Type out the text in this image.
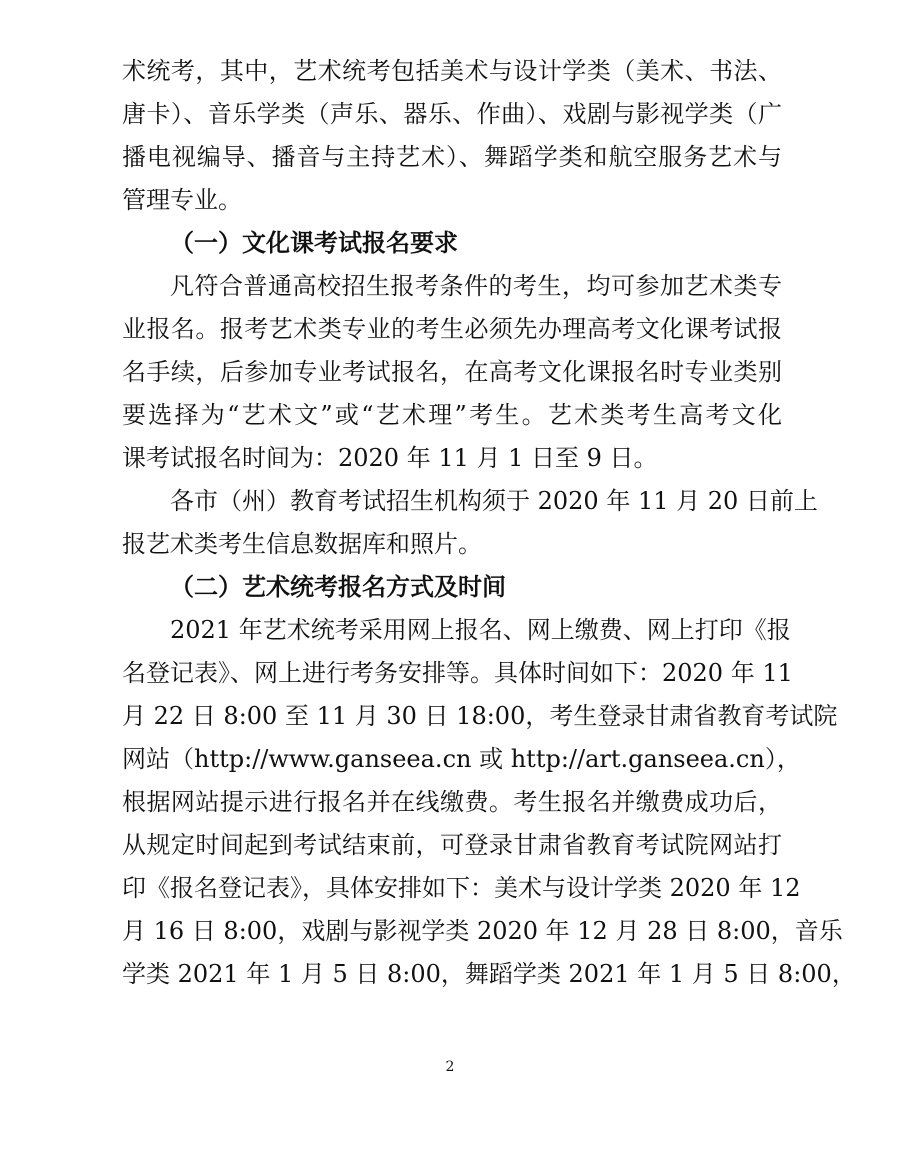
术统考，其中，艺术统考包括美术与设计学类（美术、书法、
唐卡）、音乐学类（声乐、器乐、作曲）、戏剧与影视学类（广
播电视编导、播音与主持艺术）、舞蹈学类和航空服务艺术与
管理专业。
（一）文化课考试报名要求
凡符合普通高校招生报考条件的考生，均可参加艺术类专
业报名。报考艺术类专业的考生必须先办理高考文化课考试报
名手续，后参加专业考试报名，在高考文化课报名时专业类别
要选择为“艺术文”或“艺术理”考生。艺术类考生高考文化
课考试报名时间为：2020 年 11 月 1 日至 9 日。
各市（州）教育考试招生机构须于 2020 年 11 月 20 日前上
报艺术类考生信息数据库和照片。
（二）艺术统考报名方式及时间
2021 年艺术统考采用网上报名、网上缴费、网上打印《报
名登记表》、网上进行考务安排等。具体时间如下：2020 年 11
月 22 日 8:00 至 11 月 30 日 18:00，考生登录甘肃省教育考试院
网站（http://www.ganseea.cn 或 http://art.ganseea.cn），
根据网站提示进行报名并在线缴费。考生报名并缴费成功后，
从规定时间起到考试结束前，可登录甘肃省教育考试院网站打
印《报名登记表》，具体安排如下：美术与设计学类 2020 年 12
月 16 日 8:00，戏剧与影视学类 2020 年 12 月 28 日 8:00，音乐
学类 2021 年 1 月 5 日 8:00，舞蹈学类 2021 年 1 月 5 日 8:00，
2
